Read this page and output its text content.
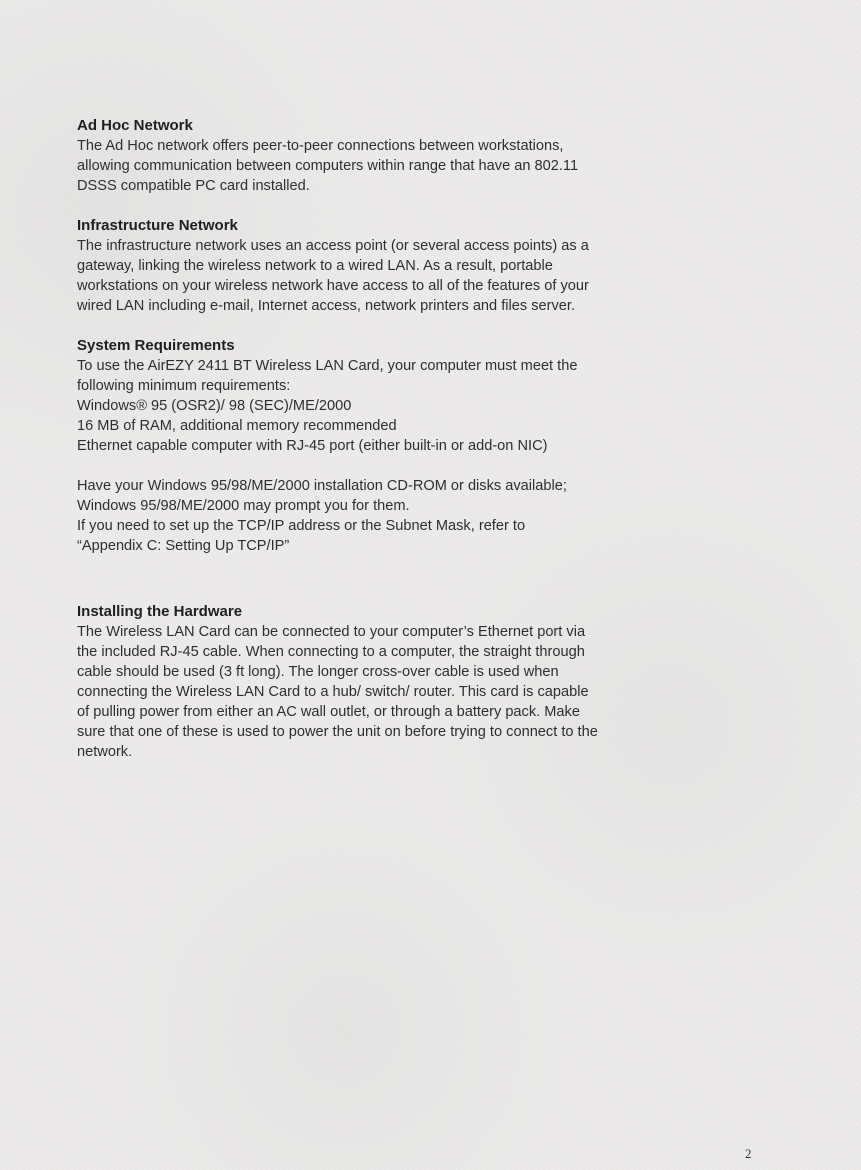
Ad Hoc Network

The Ad Hoc network offers peer-to-peer connections between workstations,
allowing communication between computers within range that have an 802.11
DSSS compatible PC card installed.

Infrastructure Network

The infrastructure network uses an access point (or several access points) as a
gateway, linking the wireless network to a wired LAN. As a result, portable
workstations on your wireless network have access to all of the features of your
wired LAN including e-mail, Internet access, network printers and files server.

System Requirements

To use the AirEZY 2411 BT Wireless LAN Card, your computer must meet the
following minimum requirements:
Windows® 95 (OSR2)/ 98 (SEC)/ME/2000
16 MB of RAM, additional memory recommended
Ethernet capable computer with RJ-45 port (either built-in or add-on NIC)

Have your Windows 95/98/ME/2000 installation CD-ROM or disks available;
Windows 95/98/ME/2000 may prompt you for them.
If you need to set up the TCP/IP address or the Subnet Mask, refer to
“Appendix C: Setting Up TCP/IP”

Installing the Hardware

The Wireless LAN Card can be connected to your computer’s Ethernet port via
the included RJ-45 cable. When connecting to a computer, the straight through
cable should be used (3 ft long). The longer cross-over cable is used when
connecting the Wireless LAN Card to a hub/ switch/ router. This card is capable
of pulling power from either an AC wall outlet, or through a battery pack. Make
sure that one of these is used to power the unit on before trying to connect to the
network.

2
